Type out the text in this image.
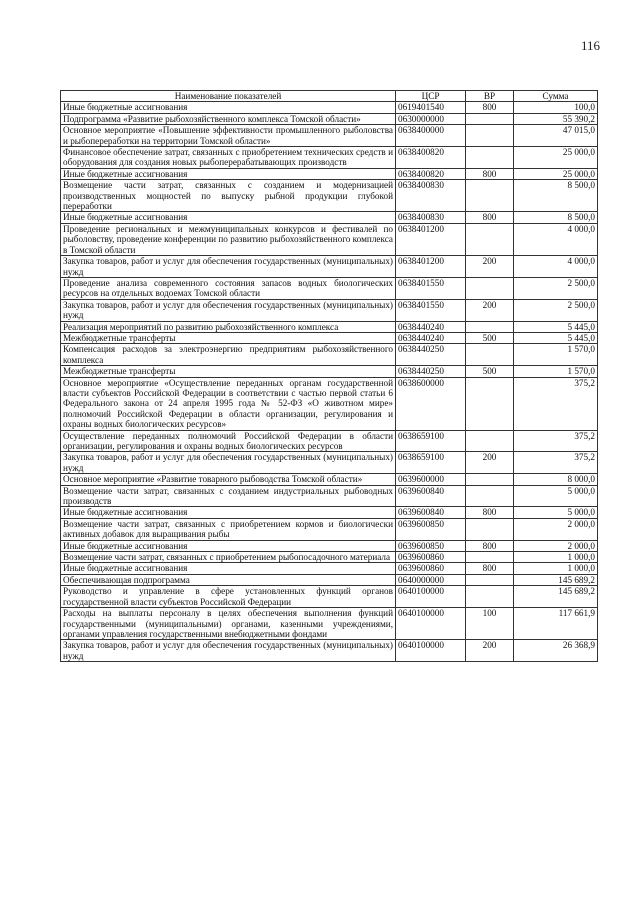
116
Наименование показателей	ЦСР	ВР	Сумма
Иные бюджетные ассигнования	0619401540	800	100,0
Подпрограмма «Развитие рыбохозяйственного комплекса Томской области»	0630000000		55 390,2
Основное мероприятие «Повышение эффективности промышленного рыболовства и рыбопереработки на территории Томской области»	0638400000		47 015,0
Финансовое обеспечение затрат, связанных с приобретением технических средств и оборудования для создания новых рыбоперерабатывающих производств	0638400820		25 000,0
Иные бюджетные ассигнования	0638400820	800	25 000,0
Возмещение части затрат, связанных с созданием и модернизацией производственных мощностей по выпуску рыбной продукции глубокой переработки	0638400830		8 500,0
Иные бюджетные ассигнования	0638400830	800	8 500,0
Проведение региональных и межмуниципальных конкурсов и фестивалей по рыболовству, проведение конференции по развитию рыбохозяйственного комплекса в Томской области	0638401200		4 000,0
Закупка товаров, работ и услуг для обеспечения государственных (муниципальных) нужд	0638401200	200	4 000,0
Проведение анализа современного состояния запасов водных биологических ресурсов на отдельных водоемах Томской области	0638401550		2 500,0
Закупка товаров, работ и услуг для обеспечения государственных (муниципальных) нужд	0638401550	200	2 500,0
Реализация мероприятий по развитию рыбохозяйственного комплекса	0638440240		5 445,0
Межбюджетные трансферты	0638440240	500	5 445,0
Компенсация расходов за электроэнергию предприятиям рыбохозяйственного комплекса	0638440250		1 570,0
Межбюджетные трансферты	0638440250	500	1 570,0
Основное мероприятие «Осуществление переданных органам государственной власти субъектов Российской Федерации в соответствии с частью первой статьи 6 Федерального закона от 24 апреля 1995 года № 52-ФЗ «О животном мире» полномочий Российской Федерации в области организации, регулирования и охраны водных биологических ресурсов»	0638600000		375,2
Осуществление переданных полномочий Российской Федерации в области организации, регулирования и охраны водных биологических ресурсов	0638659100		375,2
Закупка товаров, работ и услуг для обеспечения государственных (муниципальных) нужд	0638659100	200	375,2
Основное мероприятие «Развитие товарного рыбоводства Томской области»	0639600000		8 000,0
Возмещение части затрат, связанных с созданием индустриальных рыбоводных производств	0639600840		5 000,0
Иные бюджетные ассигнования	0639600840	800	5 000,0
Возмещение части затрат, связанных с приобретением кормов и биологически активных добавок для выращивания рыбы	0639600850		2 000,0
Иные бюджетные ассигнования	0639600850	800	2 000,0
Возмещение части затрат, связанных с приобретением рыбопосадочного материала	0639600860		1 000,0
Иные бюджетные ассигнования	0639600860	800	1 000,0
Обеспечивающая подпрограмма	0640000000		145 689,2
Руководство и управление в сфере установленных функций органов государственной власти субъектов Российской Федерации	0640100000		145 689,2
Расходы на выплаты персоналу в целях обеспечения выполнения функций государственными (муниципальными) органами, казенными учреждениями, органами управления государственными внебюджетными фондами	0640100000	100	117 661,9
Закупка товаров, работ и услуг для обеспечения государственных (муниципальных) нужд	0640100000	200	26 368,9
